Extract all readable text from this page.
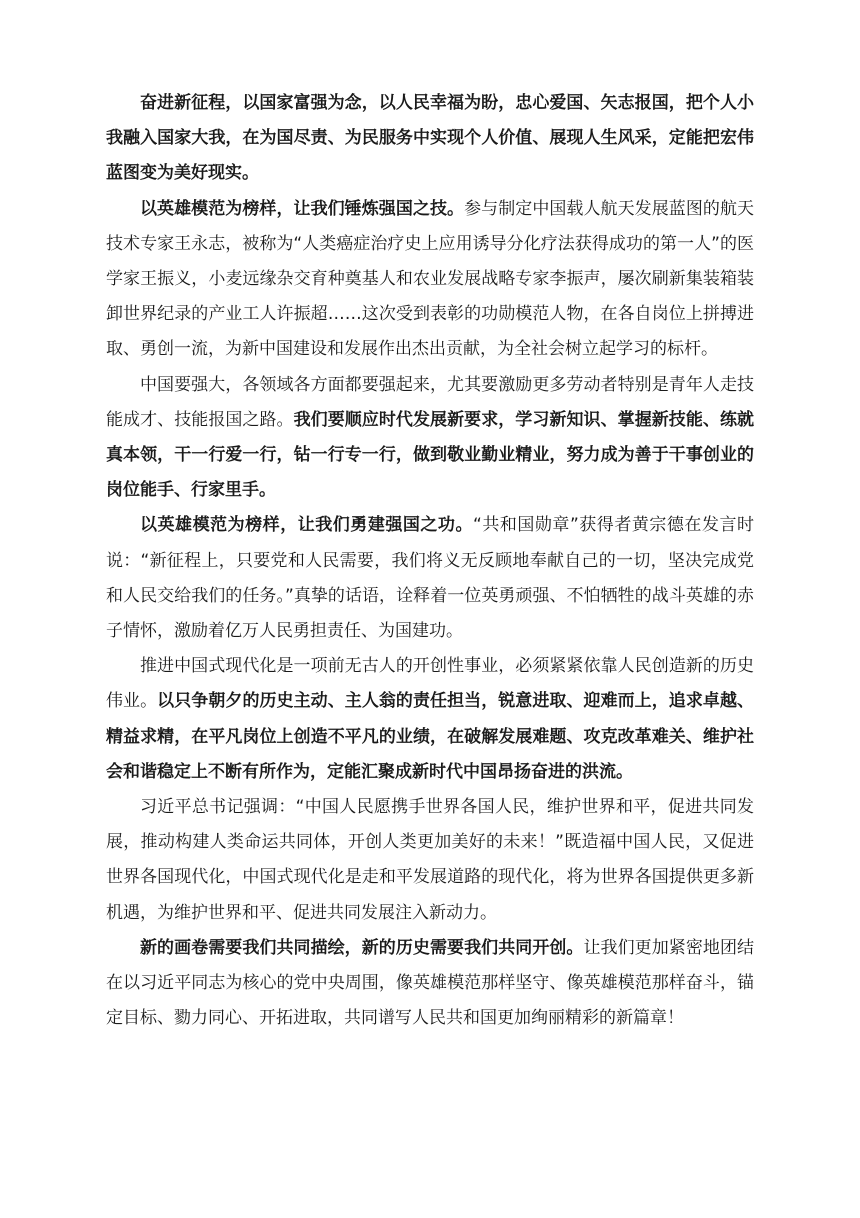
奋进新征程，以国家富强为念，以人民幸福为盼，忠心爱国、矢志报国，把个人小我融入国家大我，在为国尽责、为民服务中实现个人价值、展现人生风采，定能把宏伟蓝图变为美好现实。

以英雄模范为榜样，让我们锤炼强国之技。参与制定中国载人航天发展蓝图的航天技术专家王永志，被称为“人类癌症治疗史上应用诱导分化疗法获得成功的第一人”的医学家王振义，小麦远缘杂交育种奠基人和农业发展战略专家李振声，屡次刷新集装箱装卸世界纪录的产业工人许振超……这次受到表彰的功勋模范人物，在各自岗位上拼搏进取、勇创一流，为新中国建设和发展作出杰出贡献，为全社会树立起学习的标杆。

中国要强大，各领域各方面都要强起来，尤其要激励更多劳动者特别是青年人走技能成才、技能报国之路。我们要顺应时代发展新要求，学习新知识、掌握新技能、练就真本领，干一行爱一行，钻一行专一行，做到敬业勤业精业，努力成为善于干事创业的岗位能手、行家里手。

以英雄模范为榜样，让我们勇建强国之功。“共和国勋章”获得者黄宗德在发言时说：“新征程上，只要党和人民需要，我们将义无反顾地奉献自己的一切，坚决完成党和人民交给我们的任务。”真挚的话语，诠释着一位英勇顽强、不怕牺牲的战斗英雄的赤子情怀，激励着亿万人民勇担责任、为国建功。

推进中国式现代化是一项前无古人的开创性事业，必须紧紧依靠人民创造新的历史伟业。以只争朝夕的历史主动、主人翁的责任担当，锐意进取、迎难而上，追求卓越、精益求精，在平凡岗位上创造不平凡的业绩，在破解发展难题、攻克改革难关、维护社会和谐稳定上不断有所作为，定能汇聚成新时代中国昂扬奋进的洪流。

习近平总书记强调：“中国人民愿携手世界各国人民，维护世界和平，促进共同发展，推动构建人类命运共同体，开创人类更加美好的未来！”既造福中国人民，又促进世界各国现代化，中国式现代化是走和平发展道路的现代化，将为世界各国提供更多新机遇，为维护世界和平、促进共同发展注入新动力。

新的画卷需要我们共同描绘，新的历史需要我们共同开创。让我们更加紧密地团结在以习近平同志为核心的党中央周围，像英雄模范那样坚守、像英雄模范那样奋斗，锚定目标、勠力同心、开拓进取，共同谱写人民共和国更加绚丽精彩的新篇章！
